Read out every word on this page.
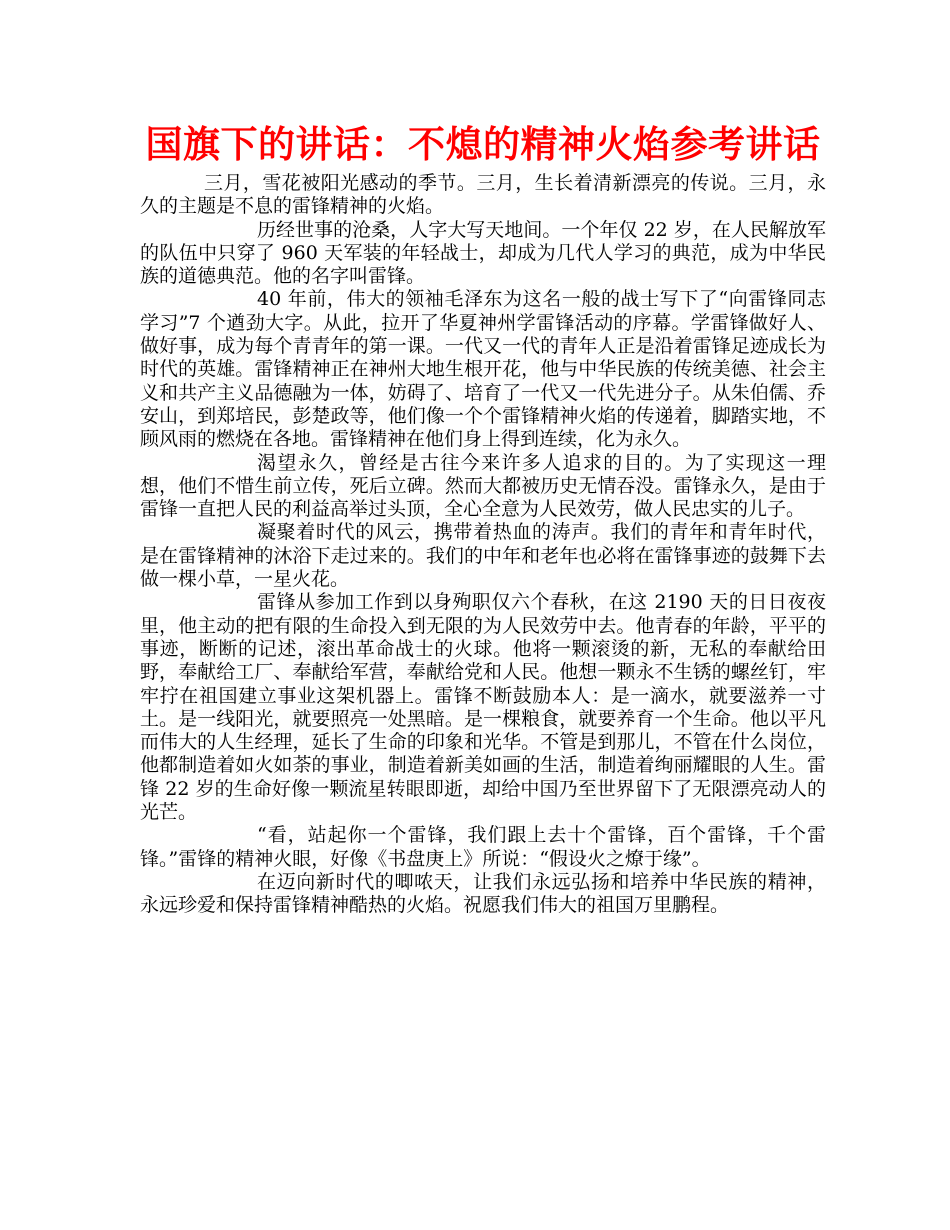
国旗下的讲话：不熄的精神火焰参考讲话

三月，雪花被阳光感动的季节。三月，生长着清新漂亮的传说。三月，永久的主题是不息的雷锋精神的火焰。

历经世事的沧桑，人字大写天地间。一个年仅 22 岁，在人民解放军的队伍中只穿了 960 天军装的年轻战士，却成为几代人学习的典范，成为中华民族的道德典范。他的名字叫雷锋。

40 年前，伟大的领袖毛泽东为这名一般的战士写下了“向雷锋同志学习”7 个遒劲大字。从此，拉开了华夏神州学雷锋活动的序幕。学雷锋做好人、做好事，成为每个青青年的第一课。一代又一代的青年人正是沿着雷锋足迹成长为时代的英雄。雷锋精神正在神州大地生根开花，他与中华民族的传统美德、社会主义和共产主义品德融为一体，妨碍了、培育了一代又一代先进分子。从朱伯儒、乔安山，到郑培民，彭楚政等，他们像一个个雷锋精神火焰的传递着，脚踏实地，不顾风雨的燃烧在各地。雷锋精神在他们身上得到连续，化为永久。

渴望永久，曾经是古往今来许多人追求的目的。为了实现这一理想，他们不惜生前立传，死后立碑。然而大都被历史无情吞没。雷锋永久，是由于雷锋一直把人民的利益高举过头顶，全心全意为人民效劳，做人民忠实的儿子。

凝聚着时代的风云，携带着热血的涛声。我们的青年和青年时代，是在雷锋精神的沐浴下走过来的。我们的中年和老年也必将在雷锋事迹的鼓舞下去做一棵小草，一星火花。

雷锋从参加工作到以身殉职仅六个春秋，在这 2190 天的日日夜夜里，他主动的把有限的生命投入到无限的为人民效劳中去。他青春的年龄，平平的事迹，断断的记述，滚出革命战士的火球。他将一颗滚烫的新，无私的奉献给田野，奉献给工厂、奉献给军营，奉献给党和人民。他想一颗永不生锈的螺丝钉，牢牢拧在祖国建立事业这架机器上。雷锋不断鼓励本人：是一滴水，就要滋养一寸土。是一线阳光，就要照亮一处黑暗。是一棵粮食，就要养育一个生命。他以平凡而伟大的人生经理，延长了生命的印象和光华。不管是到那儿，不管在什么岗位，他都制造着如火如荼的事业，制造着新美如画的生活，制造着绚丽耀眼的人生。雷锋 22 岁的生命好像一颗流星转眼即逝，却给中国乃至世界留下了无限漂亮动人的光芒。

“看，站起你一个雷锋，我们跟上去十个雷锋，百个雷锋，千个雷锋。”雷锋的精神火眼，好像《书盘庚上》所说：“假设火之燎于缘”。

在迈向新时代的唧哝天，让我们永远弘扬和培养中华民族的精神，永远珍爱和保持雷锋精神酷热的火焰。祝愿我们伟大的祖国万里鹏程。
